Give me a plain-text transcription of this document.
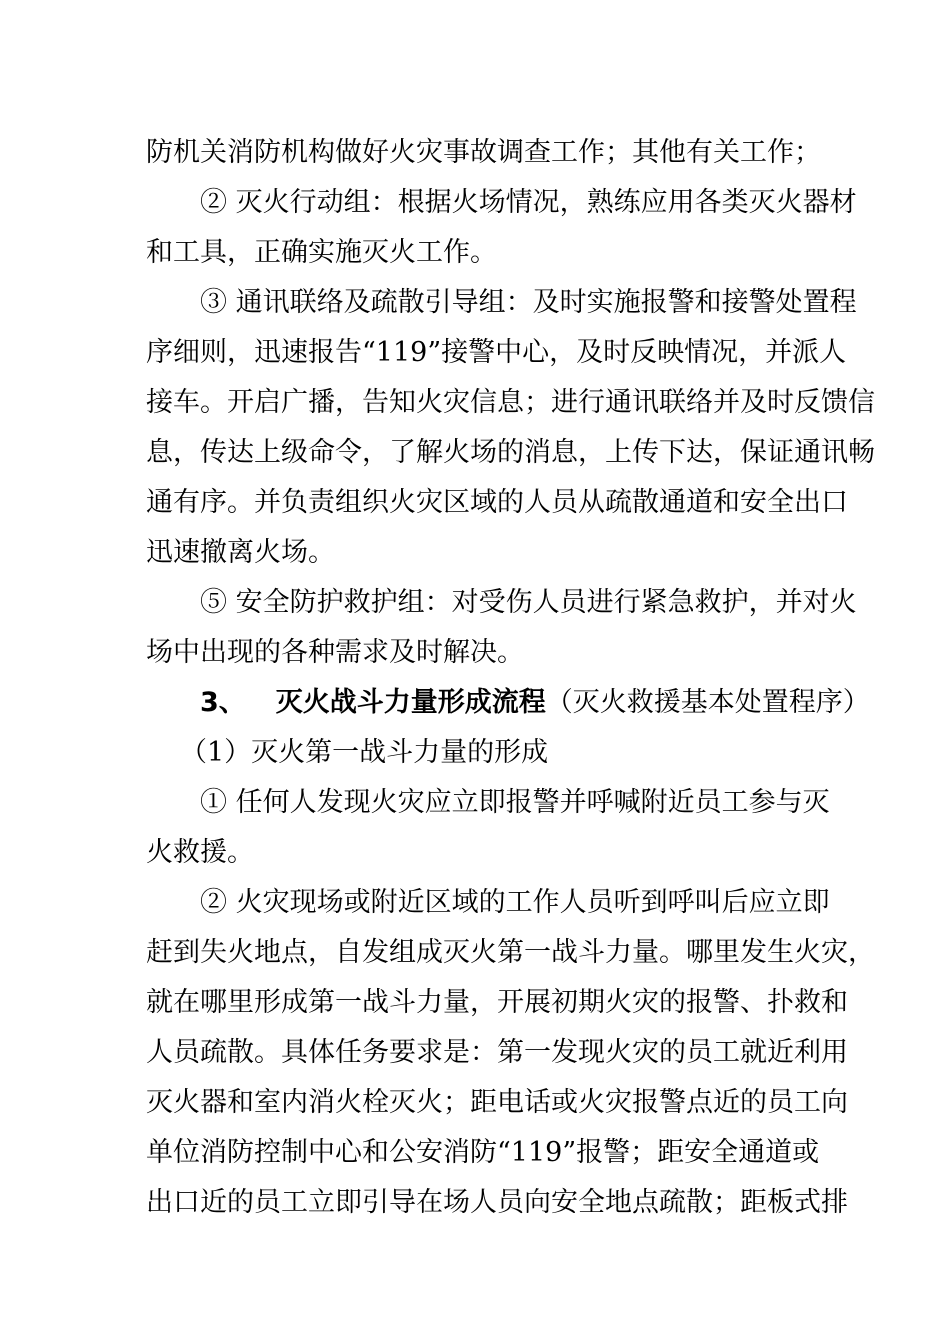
防机关消防机构做好火灾事故调查工作；其他有关工作；
② 灭火行动组：根据火场情况，熟练应用各类灭火器材
和工具，正确实施灭火工作。
③ 通讯联络及疏散引导组：及时实施报警和接警处置程
序细则，迅速报告“119”接警中心，及时反映情况，并派人
接车。开启广播，告知火灾信息；进行通讯联络并及时反馈信
息，传达上级命令，了解火场的消息，上传下达，保证通讯畅
通有序。并负责组织火灾区域的人员从疏散通道和安全出口
迅速撤离火场。
⑤ 安全防护救护组：对受伤人员进行紧急救护，并对火
场中出现的各种需求及时解决。
3、 灭火战斗力量形成流程（灭火救援基本处置程序）
（1）灭火第一战斗力量的形成
① 任何人发现火灾应立即报警并呼喊附近员工参与灭
火救援。
② 火灾现场或附近区域的工作人员听到呼叫后应立即
赶到失火地点，自发组成灭火第一战斗力量。哪里发生火灾，
就在哪里形成第一战斗力量，开展初期火灾的报警、扑救和
人员疏散。具体任务要求是：第一发现火灾的员工就近利用
灭火器和室内消火栓灭火；距电话或火灾报警点近的员工向
单位消防控制中心和公安消防“119”报警；距安全通道或
出口近的员工立即引导在场人员向安全地点疏散；距板式排
